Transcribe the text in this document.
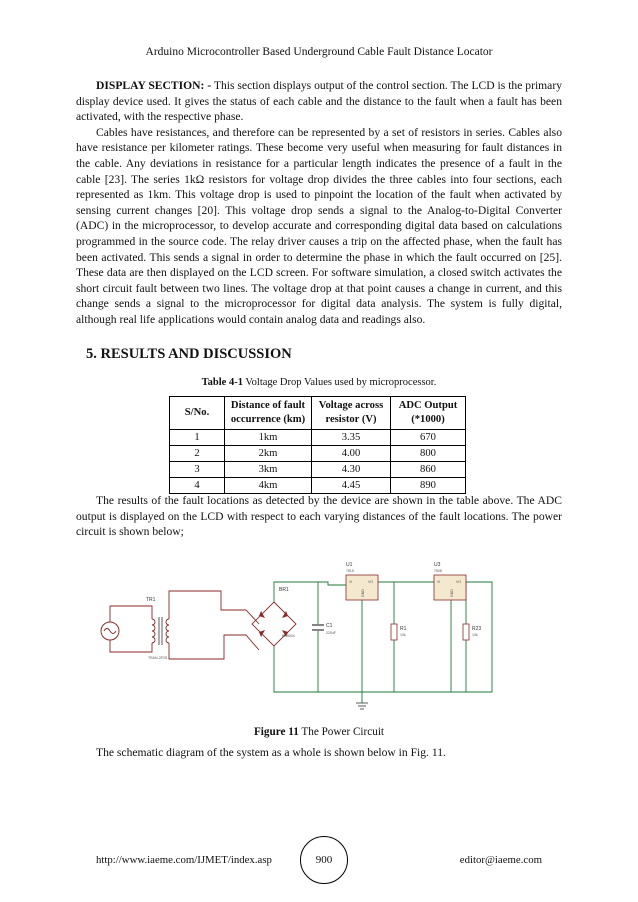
Arduino Microcontroller Based Underground Cable Fault Distance Locator

DISPLAY SECTION: - This section displays output of the control section. The LCD is the primary display device used. It gives the status of each cable and the distance to the fault when a fault has been activated, with the respective phase.

Cables have resistances, and therefore can be represented by a set of resistors in series. Cables also have resistance per kilometer ratings. These become very useful when measuring for fault distances in the cable. Any deviations in resistance for a particular length indicates the presence of a fault in the cable [23]. The series 1kΩ resistors for voltage drop divides the three cables into four sections, each represented as 1km. This voltage drop is used to pinpoint the location of the fault when activated by sensing current changes [20]. This voltage drop sends a signal to the Analog-to-Digital Converter (ADC) in the microprocessor, to develop accurate and corresponding digital data based on calculations programmed in the source code. The relay driver causes a trip on the affected phase, when the fault has been activated. This sends a signal in order to determine the phase in which the fault occurred on [25]. These data are then displayed on the LCD screen. For software simulation, a closed switch activates the short circuit fault between two lines. The voltage drop at that point causes a change in current, and this change sends a signal to the microprocessor for digital data analysis. The system is fully digital, although real life applications would contain analog data and readings also.

5. RESULTS AND DISCUSSION
Table 4-1 Voltage Drop Values used by microprocessor.
S/No.	Distance of fault occurrence (km)	Voltage across resistor (V)	ADC Output (*1000)
1	1km	3.35	670
2	2km	4.00	800
3	3km	4.30	860
4	4km	4.45	890

The results of the fault locations as detected by the device are shown in the table above. The ADC output is displayed on the LCD with respect to each varying distances of the fault locations. The power circuit is shown below;

TR1
TRAN-2P2S
BR1
BR5004
C1
220uF
U1
7815
VI	VO
GND
R1
10k
U3
7808
VI	VO
GND
R23
10k
Figure 11 The Power Circuit
The schematic diagram of the system as a whole is shown below in Fig. 11.
http://www.iaeme.com/IJMET/index.asp	900	editor@iaeme.com
